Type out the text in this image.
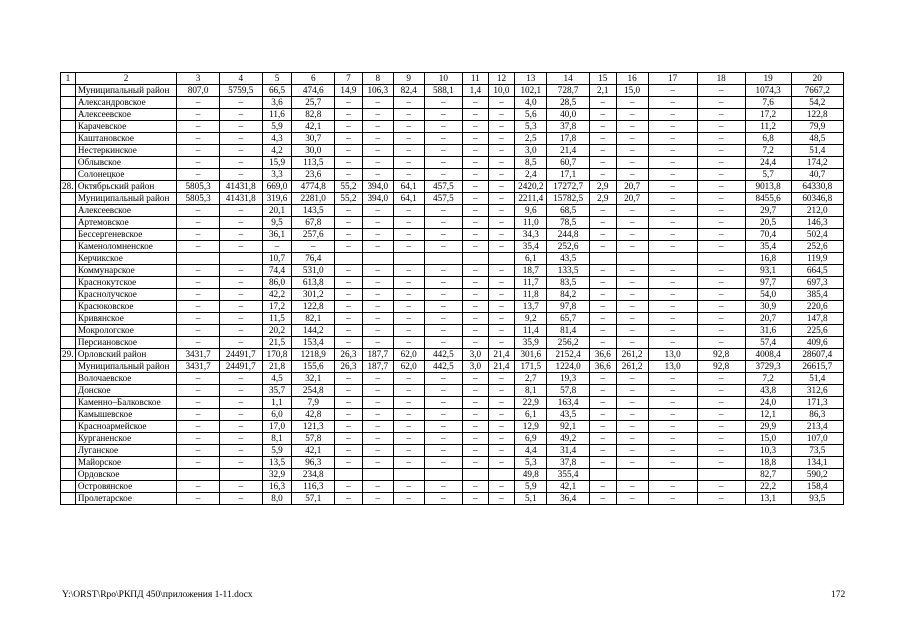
1	2	3	4	5	6	7	8	9	10	11	12	13	14	15	16	17	18	19	20
	Муниципальный район	807,0	5759,5	66,5	474,6	14,9	106,3	82,4	588,1	1,4	10,0	102,1	728,7	2,1	15,0	–	–	1074,3	7667,2
	Александровское	–	–	3,6	25,7	–	–	–	–	–	–	4,0	28,5	–	–	–	–	7,6	54,2
	Алексеевское	–	–	11,6	82,8	–	–	–	–	–	–	5,6	40,0	–	–	–	–	17,2	122,8
	Карачевское	–	–	5,9	42,1	–	–	–	–	–	–	5,3	37,8	–	–	–	–	11,2	79,9
	Каштановское	–	–	4,3	30,7	–	–	–	–	–	–	2,5	17,8	–	–	–	–	6,8	48,5
	Нестеркинское	–	–	4,2	30,0	–	–	–	–	–	–	3,0	21,4	–	–	–	–	7,2	51,4
	Облывское	–	–	15,9	113,5	–	–	–	–	–	–	8,5	60,7	–	–	–	–	24,4	174,2
	Солонецкое	–	–	3,3	23,6	–	–	–	–	–	–	2,4	17,1	–	–	–	–	5,7	40,7
28.	Октябрьский район	5805,3	41431,8	669,0	4774,8	55,2	394,0	64,1	457,5	–	–	2420,2	17272,7	2,9	20,7	–	–	9013,8	64330,8
	Муниципальный район	5805,3	41431,8	319,6	2281,0	55,2	394,0	64,1	457,5	–	–	2211,4	15782,5	2,9	20,7	–	–	8455,6	60346,8
	Алексеевское	–	–	20,1	143,5	–	–	–	–	–	–	9,6	68,5	–	–	–	–	29,7	212,0
	Артемовское	–	–	9,5	67,8	–	–	–	–	–	–	11,0	78,5	–	–	–	–	20,5	146,3
	Бессергеневское	–	–	36,1	257,6	–	–	–	–	–	–	34,3	244,8	–	–	–	–	70,4	502,4
	Каменоломненское	–	–	–	–	–	–	–	–	–	–	35,4	252,6	–	–	–	–	35,4	252,6
	Керчикское			10,7	76,4							6,1	43,5					16,8	119,9
	Коммунарское	–	–	74,4	531,0	–	–	–	–	–	–	18,7	133,5	–	–	–	–	93,1	664,5
	Краснокутское	–	–	86,0	613,8	–	–	–	–	–	–	11,7	83,5	–	–	–	–	97,7	697,3
	Краснолучское	–	–	42,2	301,2	–	–	–	–	–	–	11,8	84,2	–	–	–	–	54,0	385,4
	Красюковское	–	–	17,2	122,8	–	–	–	–	–	–	13,7	97,8	–	–	–	–	30,9	220,6
	Кривянское	–	–	11,5	82,1	–	–	–	–	–	–	9,2	65,7	–	–	–	–	20,7	147,8
	Мокрологское	–	–	20,2	144,2	–	–	–	–	–	–	11,4	81,4	–	–	–	–	31,6	225,6
	Персиановское	–	–	21,5	153,4	–	–	–	–	–	–	35,9	256,2	–	–	–	–	57,4	409,6
29.	Орловский район	3431,7	24491,7	170,8	1218,9	26,3	187,7	62,0	442,5	3,0	21,4	301,6	2152,4	36,6	261,2	13,0	92,8	4008,4	28607,4
	Муниципальный район	3431,7	24491,7	21,8	155,6	26,3	187,7	62,0	442,5	3,0	21,4	171,5	1224,0	36,6	261,2	13,0	92,8	3729,3	26615,7
	Волочаевское	–	–	4,5	32,1	–	–	–	–	–	–	2,7	19,3	–	–	–	–	7,2	51,4
	Донское	–	–	35,7	254,8	–	–	–	–	–	–	8,1	57,8	–	–	–	–	43,8	312,6
	Каменно–Балковское	–	–	1,1	7,9	–	–	–	–	–	–	22,9	163,4	–	–	–	–	24,0	171,3
	Камышевское	–	–	6,0	42,8	–	–	–	–	–	–	6,1	43,5	–	–	–	–	12,1	86,3
	Красноармейское	–	–	17,0	121,3	–	–	–	–	–	–	12,9	92,1	–	–	–	–	29,9	213,4
	Курганенское	–	–	8,1	57,8	–	–	–	–	–	–	6,9	49,2	–	–	–	–	15,0	107,0
	Луганское	–	–	5,9	42,1	–	–	–	–	–	–	4,4	31,4	–	–	–	–	10,3	73,5
	Майорское	–	–	13,5	96,3	–	–	–	–	–	–	5,3	37,8	–	–	–	–	18,8	134,1
	Ордовское			32,9	234,8							49,8	355,4					82,7	590,2
	Островянское	–	–	16,3	116,3	–	–	–	–	–	–	5,9	42,1	–	–	–	–	22,2	158,4
	Пролетарское	–	–	8,0	57,1	–	–	–	–	–	–	5,1	36,4	–	–	–	–	13,1	93,5
Y:\ORST\Rpo\РКПД 450\приложения 1-11.docx	172
